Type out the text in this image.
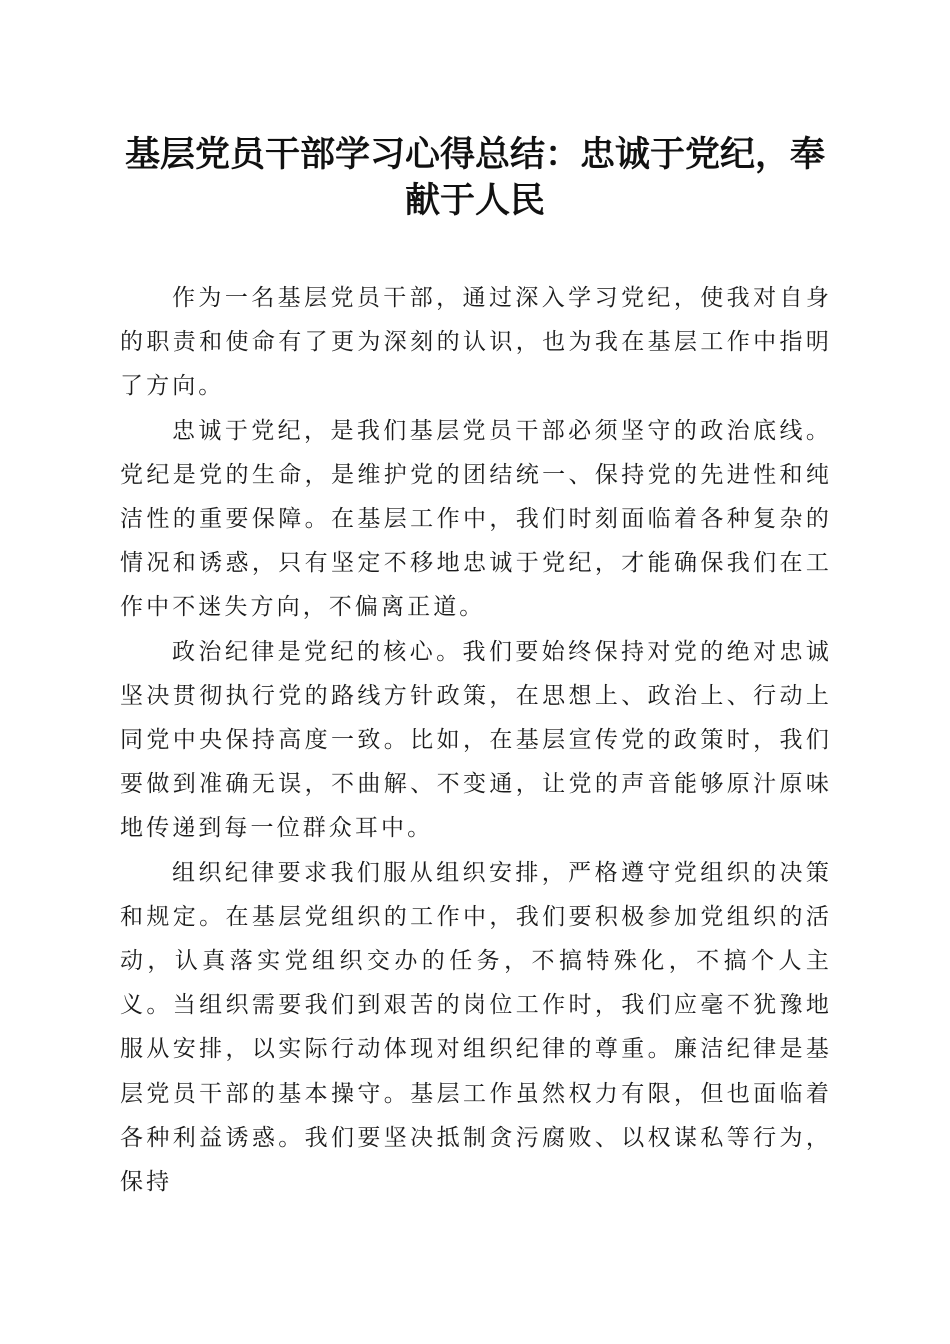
基层党员干部学习心得总结：忠诚于党纪，奉献于人民

作为一名基层党员干部，通过深入学习党纪，使我对自身的职责和使命有了更为深刻的认识，也为我在基层工作中指明了方向。

忠诚于党纪，是我们基层党员干部必须坚守的政治底线。党纪是党的生命，是维护党的团结统一、保持党的先进性和纯洁性的重要保障。在基层工作中，我们时刻面临着各种复杂的情况和诱惑，只有坚定不移地忠诚于党纪，才能确保我们在工作中不迷失方向，不偏离正道。

政治纪律是党纪的核心。我们要始终保持对党的绝对忠诚坚决贯彻执行党的路线方针政策，在思想上、政治上、行动上同党中央保持高度一致。比如，在基层宣传党的政策时，我们要做到准确无误，不曲解、不变通，让党的声音能够原汁原味地传递到每一位群众耳中。

组织纪律要求我们服从组织安排，严格遵守党组织的决策和规定。在基层党组织的工作中，我们要积极参加党组织的活动，认真落实党组织交办的任务，不搞特殊化，不搞个人主义。当组织需要我们到艰苦的岗位工作时，我们应毫不犹豫地服从安排，以实际行动体现对组织纪律的尊重。廉洁纪律是基层党员干部的基本操守。基层工作虽然权力有限，但也面临着各种利益诱惑。我们要坚决抵制贪污腐败、以权谋私等行为，保持
